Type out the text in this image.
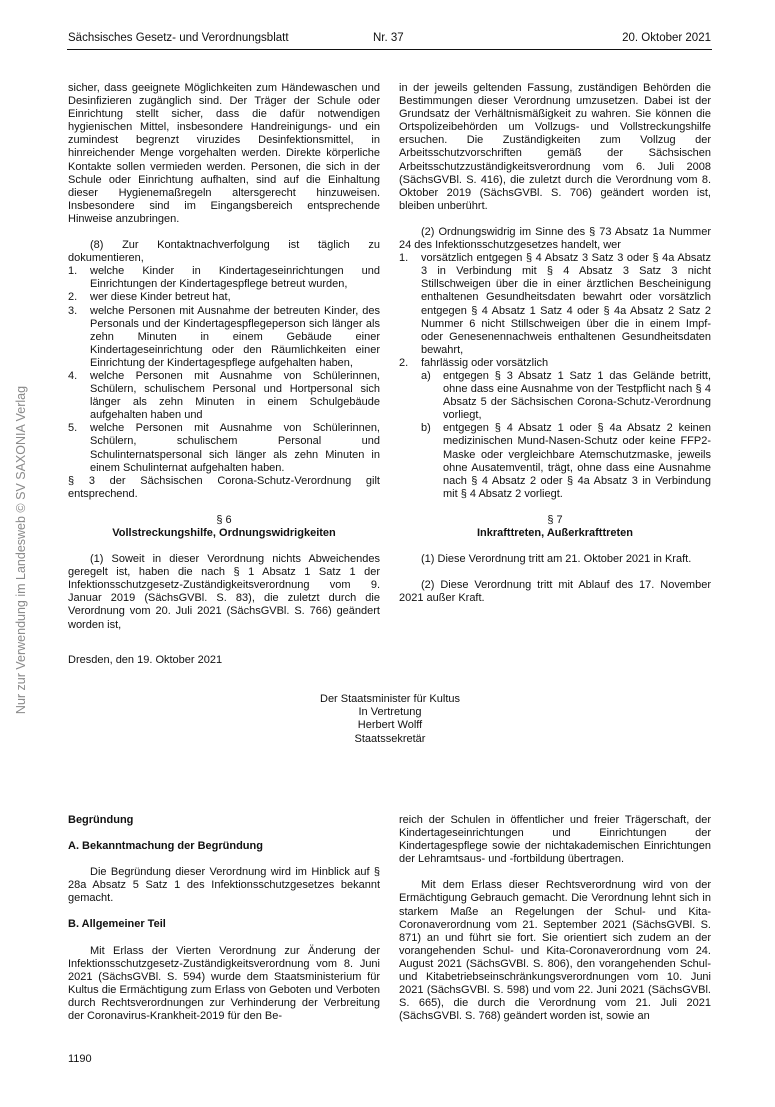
Sächsisches Gesetz- und Verordnungsblatt	Nr. 37	20. Oktober 2021
Nur zur Verwendung im Landesweb © SV SAXONIA Verlag

sicher, dass geeignete Möglichkeiten zum Händewaschen und Desinfizieren zugänglich sind. Der Träger der Schule oder Einrichtung stellt sicher, dass die dafür notwendigen hygienischen Mittel, insbesondere Handreinigungs- und ein zumindest begrenzt viruzides Desinfektionsmittel, in hinreichender Menge vorgehalten werden. Direkte körperliche Kontakte sollen vermieden werden. Personen, die sich in der Schule oder Einrichtung aufhalten, sind auf die Einhaltung dieser Hygienemaßregeln altersgerecht hinzuweisen. Insbesondere sind im Eingangsbereich entsprechende Hinweise anzubringen.

(8) Zur Kontaktnachverfolgung ist täglich zu dokumentieren,

1.	welche Kinder in Kindertageseinrichtungen und Einrichtungen der Kindertagespflege betreut wurden,
2.	wer diese Kinder betreut hat,
3.	welche Personen mit Ausnahme der betreuten Kinder, des Personals und der Kindertagespflegeperson sich länger als zehn Minuten in einem Gebäude einer Kindertageseinrichtung oder den Räumlichkeiten einer Einrichtung der Kindertagespflege aufgehalten haben,
4.	welche Personen mit Ausnahme von Schülerinnen, Schülern, schulischem Personal und Hortpersonal sich länger als zehn Minuten in einem Schulgebäude aufgehalten haben und
5.	welche Personen mit Ausnahme von Schülerinnen, Schülern, schulischem Personal und Schulinternatspersonal sich länger als zehn Minuten in einem Schulinternat aufgehalten haben.

§ 3 der Sächsischen Corona-Schutz-Verordnung gilt entsprechend.

§ 6

Vollstreckungshilfe, Ordnungswidrigkeiten

(1) Soweit in dieser Verordnung nichts Abweichendes geregelt ist, haben die nach § 1 Absatz 1 Satz 1 der Infektionsschutzgesetz-Zuständigkeitsverordnung vom 9. Januar 2019 (SächsGVBl. S. 83), die zuletzt durch die Verordnung vom 20. Juli 2021 (SächsGVBl. S. 766) geändert worden ist,

in der jeweils geltenden Fassung, zuständigen Behörden die Bestimmungen dieser Verordnung umzusetzen. Dabei ist der Grundsatz der Verhältnismäßigkeit zu wahren. Sie können die Ortspolizeibehörden um Vollzugs- und Vollstreckungshilfe ersuchen. Die Zuständigkeiten zum Vollzug der Arbeitsschutzvorschriften gemäß der Sächsischen Arbeitsschutzzuständigkeitsverordnung vom 6. Juli 2008 (SächsGVBl. S. 416), die zuletzt durch die Verordnung vom 8. Oktober 2019 (SächsGVBl. S. 706) geändert worden ist, bleiben unberührt.

(2) Ordnungswidrig im Sinne des § 73 Absatz 1a Nummer 24 des Infektionsschutzgesetzes handelt, wer

1.	vorsätzlich entgegen § 4 Absatz 3 Satz 3 oder § 4a Absatz 3 in Verbindung mit § 4 Absatz 3 Satz 3 nicht Stillschweigen über die in einer ärztlichen Bescheinigung enthaltenen Gesundheitsdaten bewahrt oder vorsätzlich entgegen § 4 Absatz 1 Satz 4 oder § 4a Absatz 2 Satz 2 Nummer 6 nicht Stillschweigen über die in einem Impf- oder Genesenennachweis enthaltenen Gesundheitsdaten bewahrt,
2.	fahrlässig oder vorsätzlich
a)	entgegen § 3 Absatz 1 Satz 1 das Gelände betritt, ohne dass eine Ausnahme von der Testpflicht nach § 4 Absatz 5 der Sächsischen Corona-Schutz-Verordnung vorliegt,
b)	entgegen § 4 Absatz 1 oder § 4a Absatz 2 keinen medizinischen Mund-Nasen-Schutz oder keine FFP2-Maske oder vergleichbare Atemschutzmaske, jeweils ohne Ausatemventil, trägt, ohne dass eine Ausnahme nach § 4 Absatz 2 oder § 4a Absatz 3 in Verbindung mit § 4 Absatz 2 vorliegt.

§ 7

Inkrafttreten, Außerkrafttreten

(1) Diese Verordnung tritt am 21. Oktober 2021 in Kraft.

(2) Diese Verordnung tritt mit Ablauf des 17. November 2021 außer Kraft.

Dresden, den 19. Oktober 2021
Der Staatsminister für Kultus
In Vertretung
Herbert Wolff
Staatssekretär

Begründung

A. Bekanntmachung der Begründung

Die Begründung dieser Verordnung wird im Hinblick auf § 28a Absatz 5 Satz 1 des Infektionsschutzgesetzes bekannt gemacht.

B. Allgemeiner Teil

Mit Erlass der Vierten Verordnung zur Änderung der Infektionsschutzgesetz-Zuständigkeitsverordnung vom 8. Juni 2021 (SächsGVBl. S. 594) wurde dem Staatsministerium für Kultus die Ermächtigung zum Erlass von Geboten und Verboten durch Rechtsverordnungen zur Verhinderung der Verbreitung der Coronavirus-Krankheit-2019 für den Be-

reich der Schulen in öffentlicher und freier Trägerschaft, der Kindertageseinrichtungen und Einrichtungen der Kindertagespflege sowie der nichtakademischen Einrichtungen der Lehramtsaus- und -fortbildung übertragen.

Mit dem Erlass dieser Rechtsverordnung wird von der Ermächtigung Gebrauch gemacht. Die Verordnung lehnt sich in starkem Maße an Regelungen der Schul- und Kita-Coronaverordnung vom 21. September 2021 (SächsGVBl. S. 871) an und führt sie fort. Sie orientiert sich zudem an der vorangehenden Schul- und Kita-Coronaverordnung vom 24. August 2021 (SächsGVBl. S. 806), den vorangehenden Schul- und Kitabetriebseinschränkungsverordnungen vom 10. Juni 2021 (SächsGVBl. S. 598) und vom 22. Juni 2021 (SächsGVBl. S. 665), die durch die Verordnung vom 21. Juli 2021 (SächsGVBl. S. 768) geändert worden ist, sowie an

1190
